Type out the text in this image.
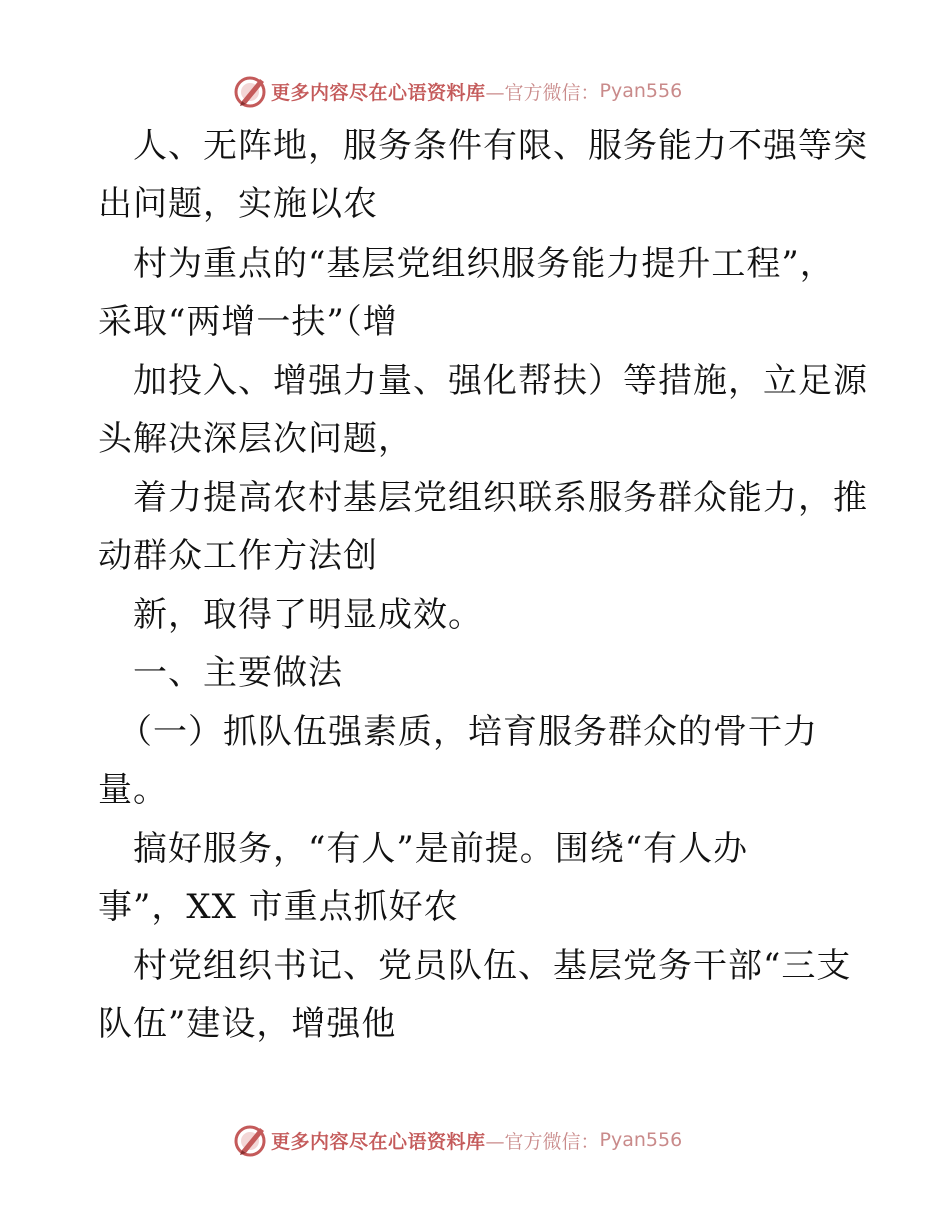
更多内容尽在心语资料库 —官方微信： Pyan556
人、无阵地，服务条件有限、服务能力不强等突
出问题，实施以农
村为重点的“基层党组织服务能力提升工程”，
采取“两增一扶”（增
加投入、增强力量、强化帮扶）等措施，立足源
头解决深层次问题，
着力提高农村基层党组织联系服务群众能力，推
动群众工作方法创
新，取得了明显成效。
一、主要做法
（一）抓队伍强素质，培育服务群众的骨干力
量。
搞好服务，“有人”是前提。围绕“有人办
事”，XX 市重点抓好农
村党组织书记、党员队伍、基层党务干部“三支
队伍”建设，增强他
更多内容尽在心语资料库 —官方微信： Pyan556
